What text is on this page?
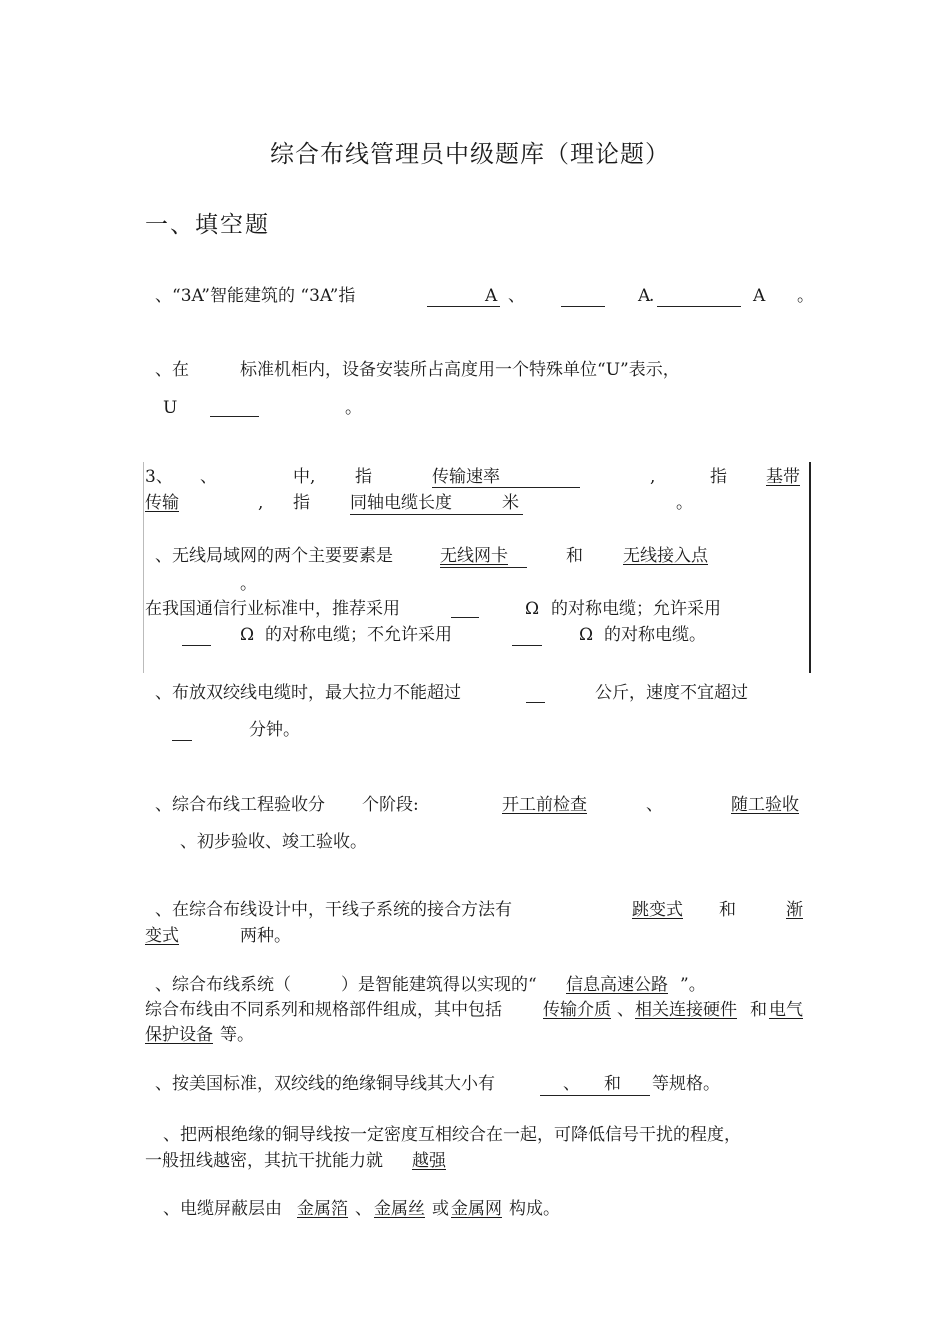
综合布线管理员中级题库（理论题）
一、填空题
、“3A”智能建筑的 “3A”指	A 、	A
.	A 。
、在	标准机柜内，设备安装所占高度用一个特殊单位“U”表示，
U	。
3、 、	中, 指	传输速率	,	指 基带
传输	, 指 同轴电缆长度	米	。
、无线局域网的两个主要要素是	无线网卡	和 无线接入点
。
在我国通信行业标准中，推荐采用	Ω 的对称电缆；允许采用
Ω 的对称电缆；不允许采用	Ω 的对称电缆。
、布放双绞线电缆时，最大拉力不能超过	公斤，速度不宜超过
分钟。
、综合布线工程验收分 个阶段:	开工前检查	、	随工验收
、初步验收、竣工验收。
、在综合布线设计中，干线子系统的接合方法有	跳变式 和	渐
变式	两种。
、综合布线系统（	）是智能建筑得以实现的“ 信息高速公路 ”。
综合布线由不同系列和规格部件组成，其中包括 传输介质 、 相关连接硬件 和 电气
保护设备 等。
、按美国标准，双绞线的绝缘铜导线其大小有	、 和 等规格。
、把两根绝缘的铜导线按一定密度互相绞合在一起，可降低信号干扰的程度，
一般扭线越密，其抗干扰能力就 越强
、电缆屏蔽层由 金属箔 、 金属丝 或 金属网 构成。
